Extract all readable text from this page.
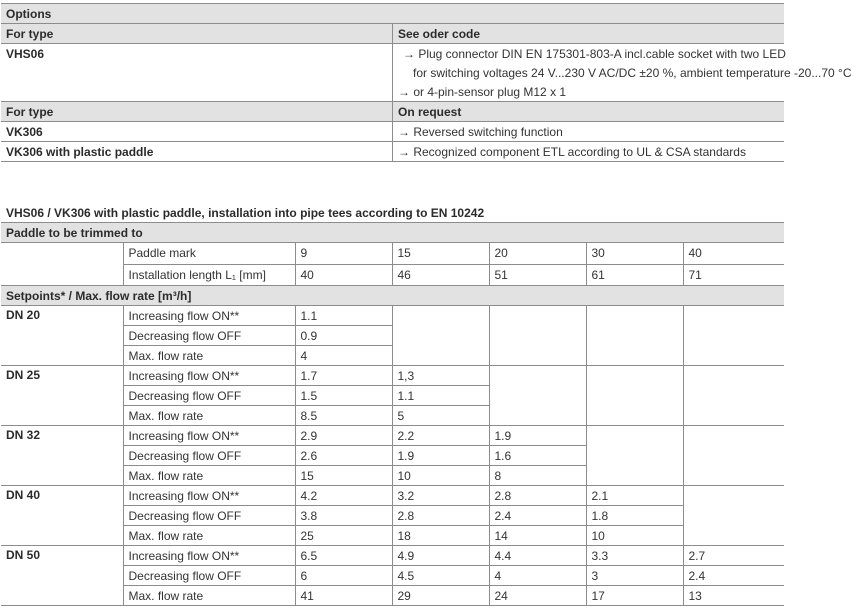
Options	
For type	See oder code
VHS06	→ Plug connector DIN EN 175301-803-A incl.cable socket with two LED
	for switching voltages 24 V...230 V AC/DC ±20 %, ambient temperature -20...70 °C
	→ or 4-pin-sensor plug M12 x 1
For type	On request
VK306	→ Reversed switching function
VK306 with plastic paddle	→ Recognized component ETL according to UL & CSA standards
VHS06 / VK306 with plastic paddle, installation into pipe tees according to EN 10242						
Paddle to be trimmed to						
	Paddle mark	9	15	20	30	40
	Installation length L₁ [mm]	40	46	51	61	71
Setpoints* / Max. flow rate [m³/h]						
DN 20	Increasing flow ON**	1.1				
	Decreasing flow OFF	0.9				
	Max. flow rate	4				
DN 25	Increasing flow ON**	1.7	1,3			
	Decreasing flow OFF	1.5	1.1			
	Max. flow rate	8.5	5			
DN 32	Increasing flow ON**	2.9	2.2	1.9		
	Decreasing flow OFF	2.6	1.9	1.6		
	Max. flow rate	15	10	8		
DN 40	Increasing flow ON**	4.2	3.2	2.8	2.1	
	Decreasing flow OFF	3.8	2.8	2.4	1.8	
	Max. flow rate	25	18	14	10	
DN 50	Increasing flow ON**	6.5	4.9	4.4	3.3	2.7
	Decreasing flow OFF	6	4.5	4	3	2.4
	Max. flow rate	41	29	24	17	13
